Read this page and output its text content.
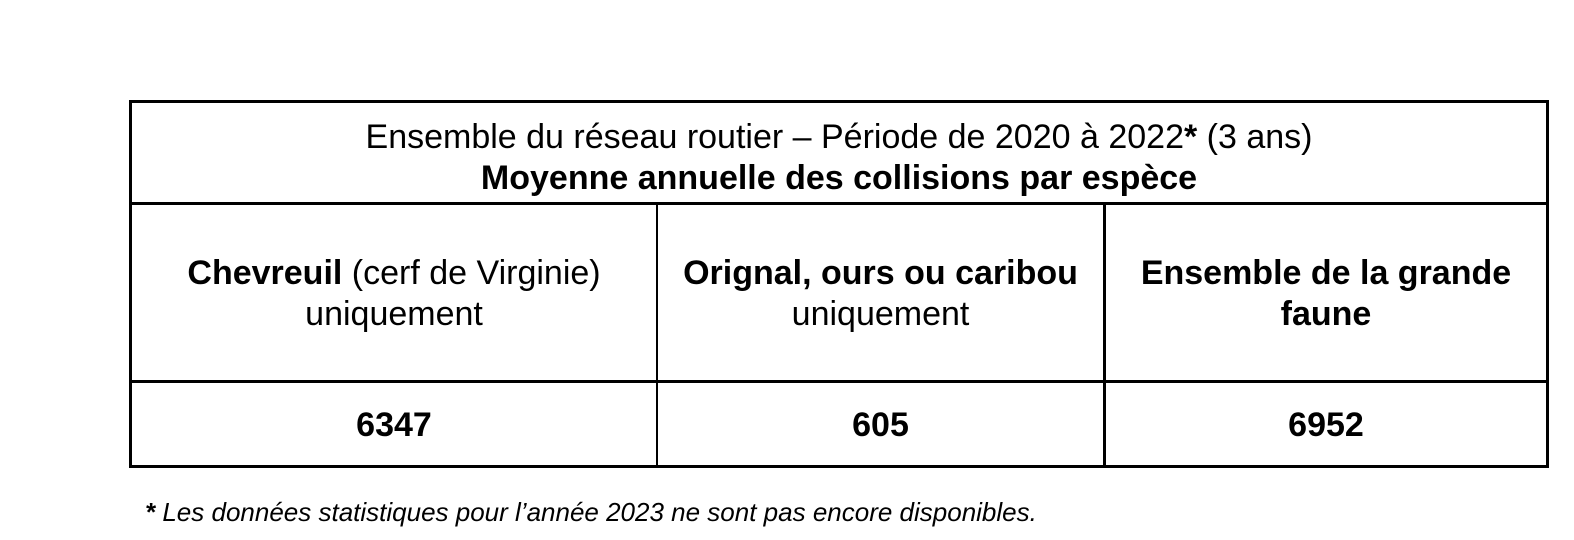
Ensemble du réseau routier – Période de 2020 à 2022* (3 ans)
Moyenne annuelle des collisions par espèce
Chevreuil (cerf de Virginie)
uniquement
Orignal, ours ou caribou
uniquement
Ensemble de la grande
faune
6347	605	6952
* Les données statistiques pour l’année 2023 ne sont pas encore disponibles.
